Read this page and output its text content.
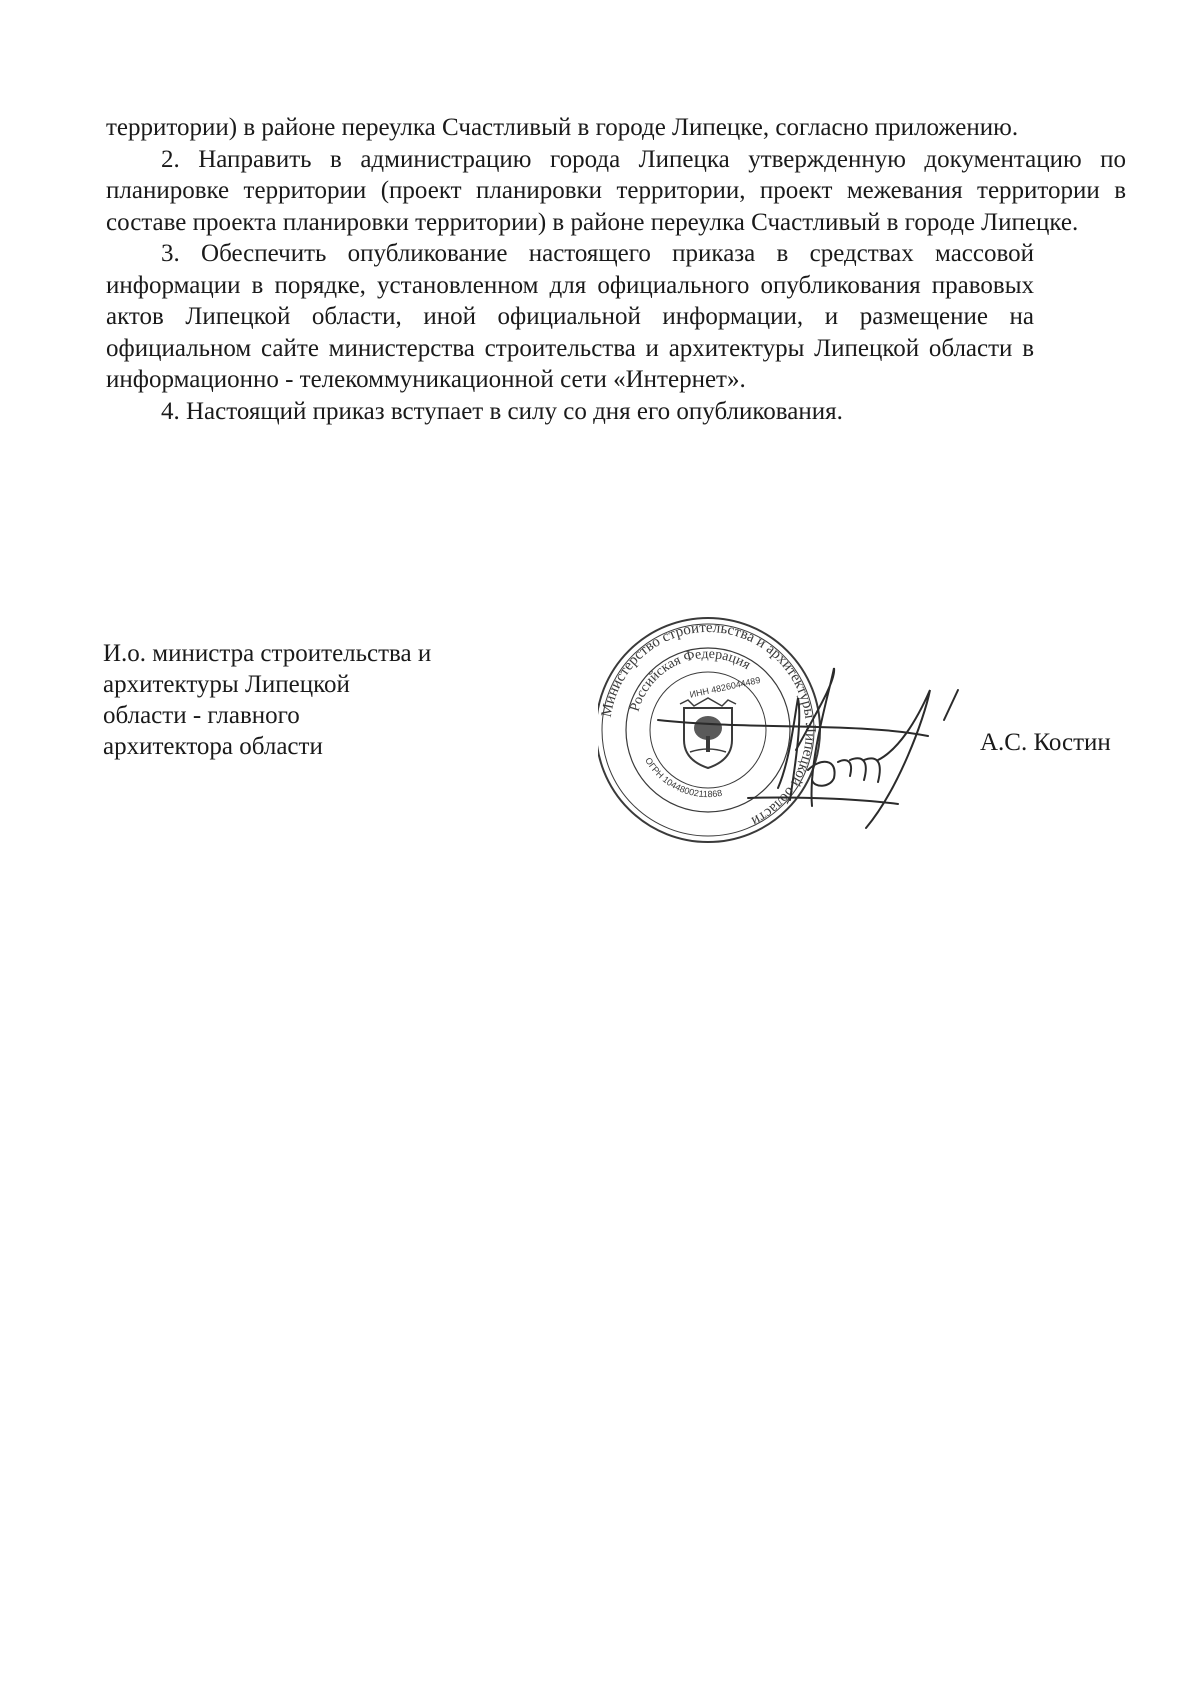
территории) в районе переулка Счастливый в городе Липецке, согласно приложению.

2. Направить в администрацию города Липецка утвержденную документацию по планировке территории (проект планировки территории, проект межевания территории в составе проекта планировки территории) в районе переулка Счастливый в городе Липецке.

3. Обеспечить опубликование настоящего приказа в средствах массовой информации в порядке, установленном для официального опубликования правовых актов Липецкой области, иной официальной информации, и размещение на официальном сайте министерства строительства и архитектуры Липецкой области в информационно - телекоммуникационной сети «Интернет».

4. Настоящий приказ вступает в силу со дня его опубликования.

И.о. министра строительства и
архитектуры Липецкой
области - главного
архитектора области
Министерство строительства и архитектуры Липецкой области
Российская Федерация
ИНН 4826044489
ОГРН 1044800211868
А.С. Костин
